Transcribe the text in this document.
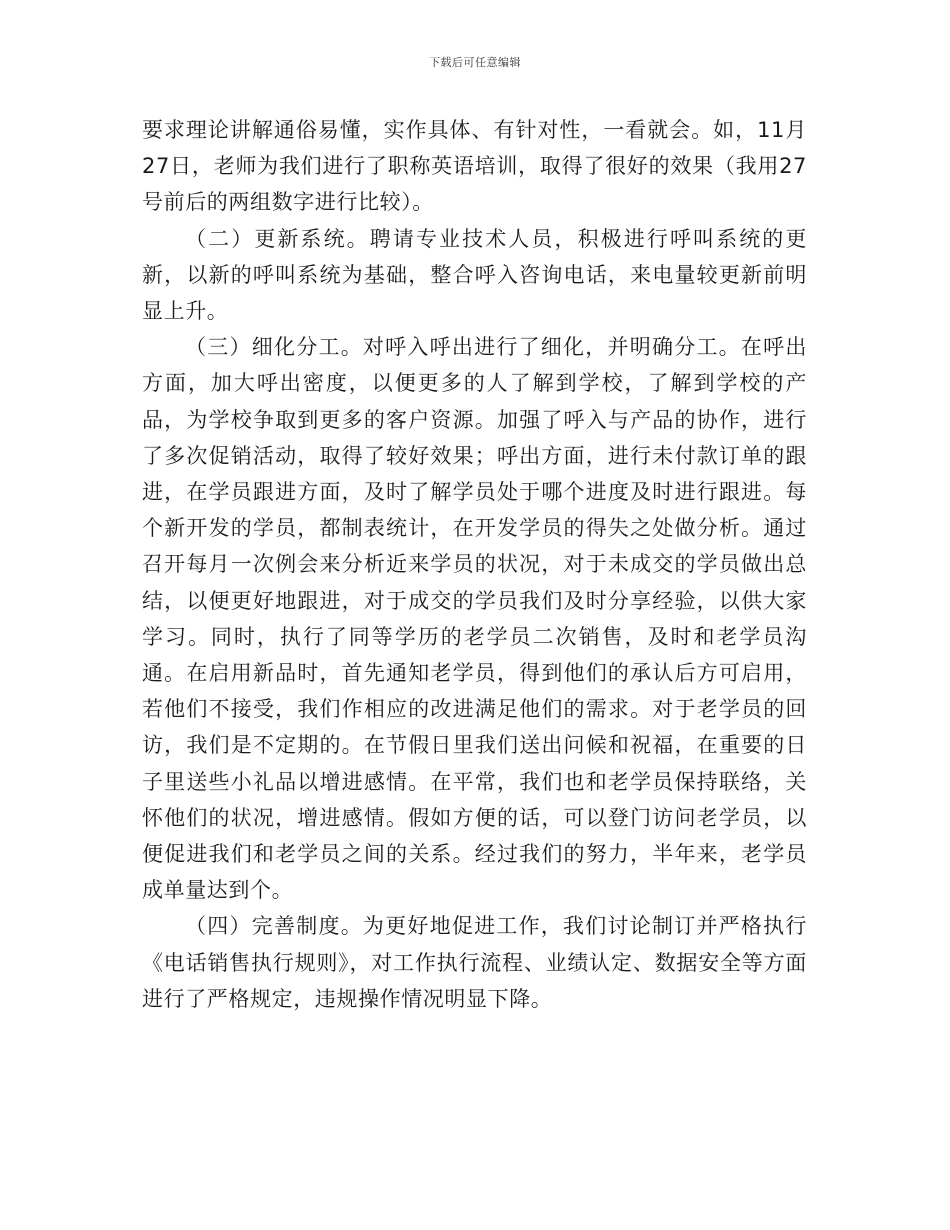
下载后可任意编辑

要求理论讲解通俗易懂，实作具体、有针对性，一看就会。如，11月27日，老师为我们进行了职称英语培训，取得了很好的效果（我用27号前后的两组数字进行比较）。

（二）更新系统。聘请专业技术人员，积极进行呼叫系统的更新，以新的呼叫系统为基础，整合呼入咨询电话，来电量较更新前明显上升。

（三）细化分工。对呼入呼出进行了细化，并明确分工。在呼出方面，加大呼出密度，以便更多的人了解到学校，了解到学校的产品，为学校争取到更多的客户资源。加强了呼入与产品的协作，进行了多次促销活动，取得了较好效果；呼出方面，进行未付款订单的跟进，在学员跟进方面，及时了解学员处于哪个进度及时进行跟进。每个新开发的学员，都制表统计，在开发学员的得失之处做分析。通过召开每月一次例会来分析近来学员的状况，对于未成交的学员做出总结，以便更好地跟进，对于成交的学员我们及时分享经验，以供大家学习。同时，执行了同等学历的老学员二次销售，及时和老学员沟通。在启用新品时，首先通知老学员，得到他们的承认后方可启用，若他们不接受，我们作相应的改进满足他们的需求。对于老学员的回访，我们是不定期的。在节假日里我们送出问候和祝福，在重要的日子里送些小礼品以增进感情。在平常，我们也和老学员保持联络，关怀他们的状况，增进感情。假如方便的话，可以登门访问老学员，以便促进我们和老学员之间的关系。经过我们的努力，半年来，老学员成单量达到个。

（四）完善制度。为更好地促进工作，我们讨论制订并严格执行《电话销售执行规则》，对工作执行流程、业绩认定、数据安全等方面进行了严格规定，违规操作情况明显下降。
